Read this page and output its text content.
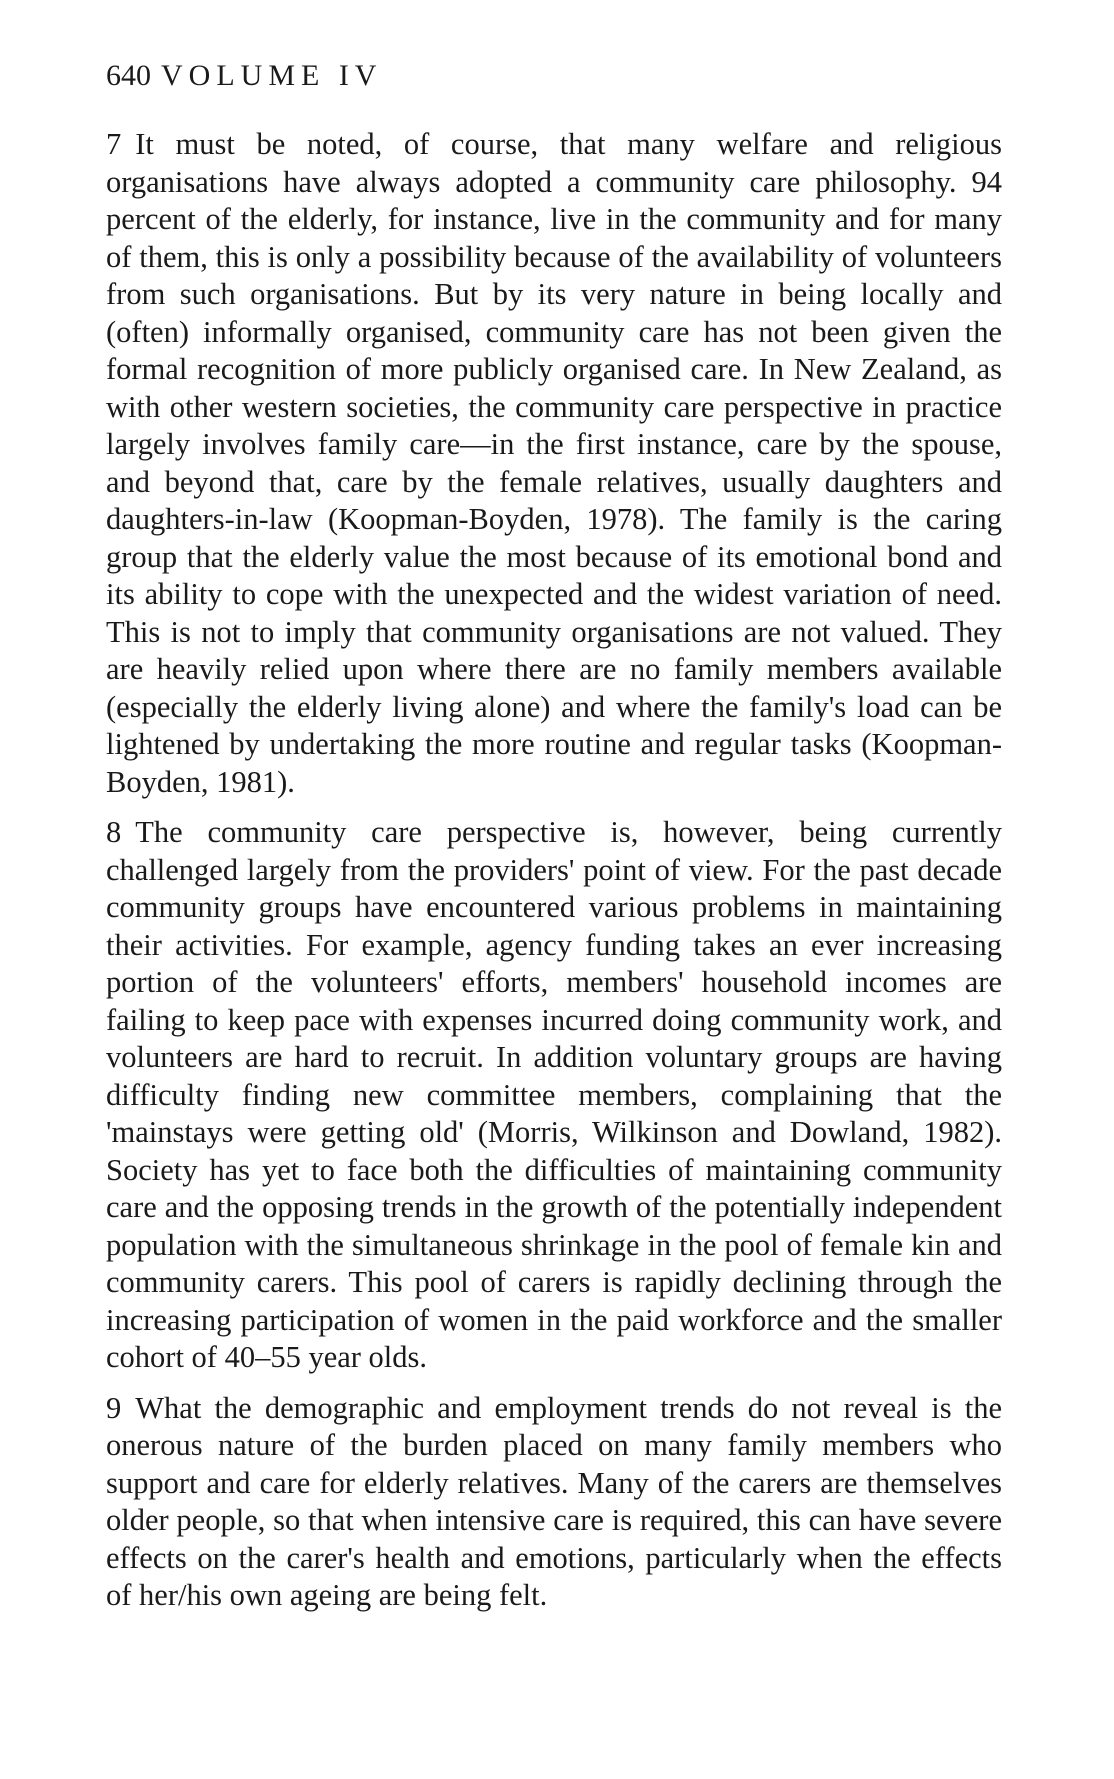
640 VOLUME IV

7 It must be noted, of course, that many welfare and religious organisations have always adopted a community care philosophy. 94 percent of the elderly, for instance, live in the community and for many of them, this is only a possibility because of the availability of volunteers from such organisations. But by its very nature in being locally and (often) informally organised, community care has not been given the formal recognition of more publicly organised care. In New Zealand, as with other western societies, the community care perspective in practice largely involves family care—in the first instance, care by the spouse, and beyond that, care by the female relatives, usually daughters and daughters-in-law (Koopman-Boyden, 1978). The family is the caring group that the elderly value the most because of its emotional bond and its ability to cope with the unexpected and the widest variation of need. This is not to imply that community organisations are not valued. They are heavily relied upon where there are no family members available (especially the elderly living alone) and where the family's load can be lightened by undertaking the more routine and regular tasks (Koopman-Boyden, 1981).

8 The community care perspective is, however, being currently challenged largely from the providers' point of view. For the past decade community groups have encountered various problems in maintaining their activities. For example, agency funding takes an ever increasing portion of the volunteers' efforts, members' household incomes are failing to keep pace with expenses incurred doing community work, and volunteers are hard to recruit. In addition voluntary groups are having difficulty finding new committee members, complaining that the 'mainstays were getting old' (Morris, Wilkinson and Dowland, 1982). Society has yet to face both the difficulties of maintaining community care and the opposing trends in the growth of the potentially independent population with the simultaneous shrinkage in the pool of female kin and community carers. This pool of carers is rapidly declining through the increasing participation of women in the paid workforce and the smaller cohort of 40–55 year olds.

9 What the demographic and employment trends do not reveal is the onerous nature of the burden placed on many family members who support and care for elderly relatives. Many of the carers are themselves older people, so that when intensive care is required, this can have severe effects on the carer's health and emotions, particularly when the effects of her/his own ageing are being felt.
